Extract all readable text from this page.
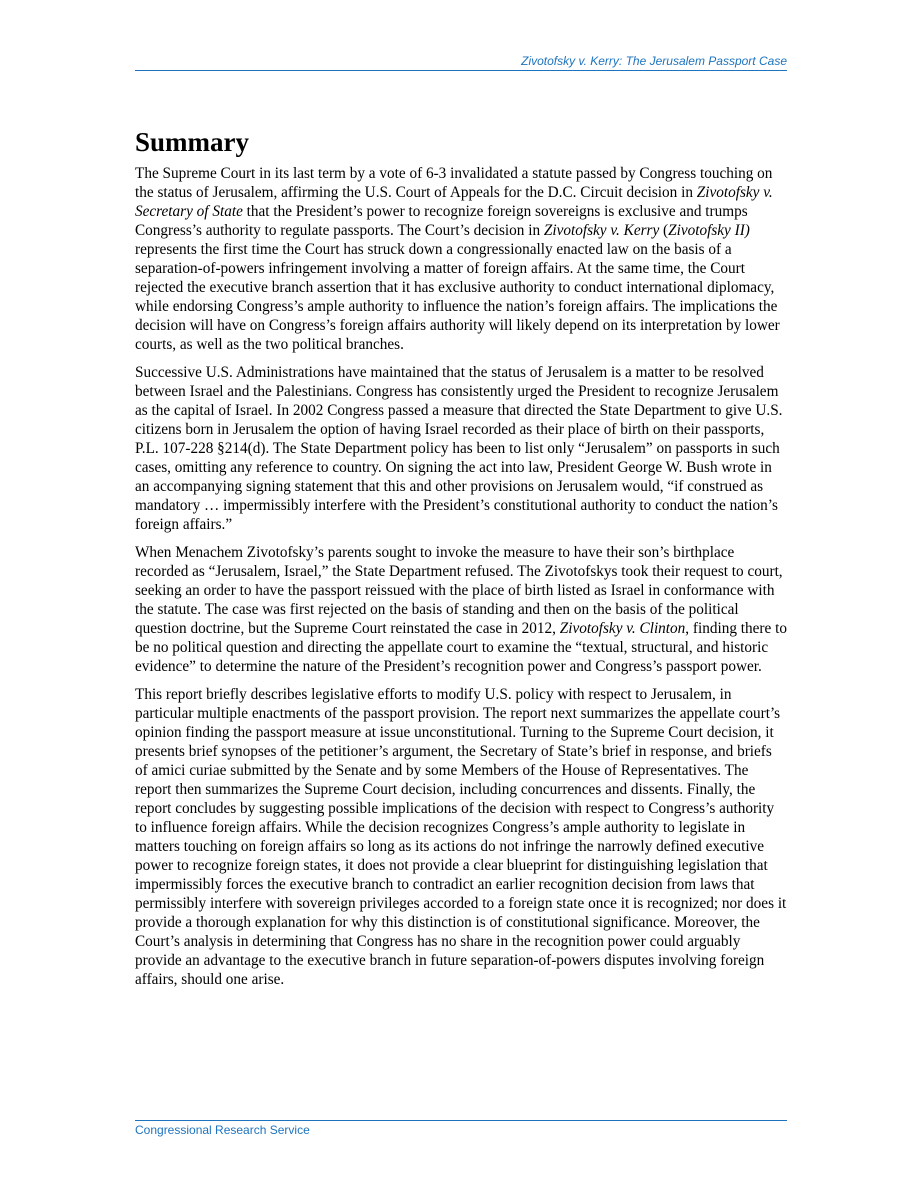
Zivotofsky v. Kerry: The Jerusalem Passport Case
Summary

The Supreme Court in its last term by a vote of 6-3 invalidated a statute passed by Congress touching on the status of Jerusalem, affirming the U.S. Court of Appeals for the D.C. Circuit decision in Zivotofsky v. Secretary of State that the President’s power to recognize foreign sovereigns is exclusive and trumps Congress’s authority to regulate passports. The Court’s decision in Zivotofsky v. Kerry (Zivotofsky II) represents the first time the Court has struck down a congressionally enacted law on the basis of a separation-of-powers infringement involving a matter of foreign affairs. At the same time, the Court rejected the executive branch assertion that it has exclusive authority to conduct international diplomacy, while endorsing Congress’s ample authority to influence the nation’s foreign affairs. The implications the decision will have on Congress’s foreign affairs authority will likely depend on its interpretation by lower courts, as well as the two political branches.

Successive U.S. Administrations have maintained that the status of Jerusalem is a matter to be resolved between Israel and the Palestinians. Congress has consistently urged the President to recognize Jerusalem as the capital of Israel. In 2002 Congress passed a measure that directed the State Department to give U.S. citizens born in Jerusalem the option of having Israel recorded as their place of birth on their passports, P.L. 107-228 §214(d). The State Department policy has been to list only “Jerusalem” on passports in such cases, omitting any reference to country. On signing the act into law, President George W. Bush wrote in an accompanying signing statement that this and other provisions on Jerusalem would, “if construed as mandatory … impermissibly interfere with the President’s constitutional authority to conduct the nation’s foreign affairs.”

When Menachem Zivotofsky’s parents sought to invoke the measure to have their son’s birthplace recorded as “Jerusalem, Israel,” the State Department refused. The Zivotofskys took their request to court, seeking an order to have the passport reissued with the place of birth listed as Israel in conformance with the statute. The case was first rejected on the basis of standing and then on the basis of the political question doctrine, but the Supreme Court reinstated the case in 2012, Zivotofsky v. Clinton, finding there to be no political question and directing the appellate court to examine the “textual, structural, and historic evidence” to determine the nature of the President’s recognition power and Congress’s passport power.

This report briefly describes legislative efforts to modify U.S. policy with respect to Jerusalem, in particular multiple enactments of the passport provision. The report next summarizes the appellate court’s opinion finding the passport measure at issue unconstitutional. Turning to the Supreme Court decision, it presents brief synopses of the petitioner’s argument, the Secretary of State’s brief in response, and briefs of amici curiae submitted by the Senate and by some Members of the House of Representatives. The report then summarizes the Supreme Court decision, including concurrences and dissents. Finally, the report concludes by suggesting possible implications of the decision with respect to Congress’s authority to influence foreign affairs. While the decision recognizes Congress’s ample authority to legislate in matters touching on foreign affairs so long as its actions do not infringe the narrowly defined executive power to recognize foreign states, it does not provide a clear blueprint for distinguishing legislation that impermissibly forces the executive branch to contradict an earlier recognition decision from laws that permissibly interfere with sovereign privileges accorded to a foreign state once it is recognized; nor does it provide a thorough explanation for why this distinction is of constitutional significance. Moreover, the Court’s analysis in determining that Congress has no share in the recognition power could arguably provide an advantage to the executive branch in future separation-of-powers disputes involving foreign affairs, should one arise.

Congressional Research Service
